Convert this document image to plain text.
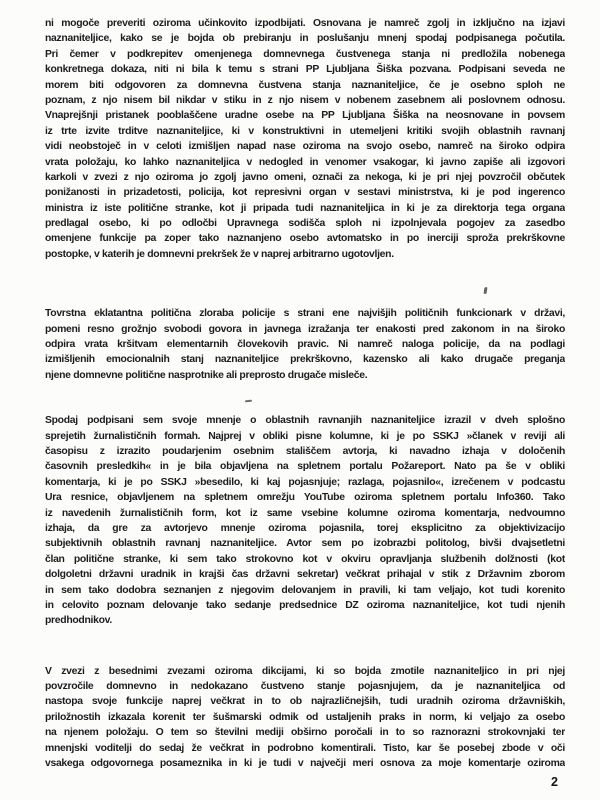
ni mogoče preveriti oziroma učinkovito izpodbijati. Osnovana je namreč zgolj in izključno na izjavi
naznaniteljice, kako se je bojda ob prebiranju in poslušanju mnenj spodaj podpisanega počutila.
Pri čemer v podkrepitev omenjenega domnevnega čustvenega stanja ni predložila nobenega
konkretnega dokaza, niti ni bila k temu s strani PP Ljubljana Šiška pozvana. Podpisani seveda ne
morem biti odgovoren za domnevna čustvena stanja naznaniteljice, če je osebno sploh ne
poznam, z njo nisem bil nikdar v stiku in z njo nisem v nobenem zasebnem ali poslovnem odnosu.
Vnaprejšnji pristanek pooblaščene uradne osebe na PP Ljubljana Šiška na neosnovane in povsem
iz trte izvite trditve naznaniteljice, ki v konstruktivni in utemeljeni kritiki svojih oblastnih ravnanj
vidi neobstoječ in v celoti izmišljen napad nase oziroma na svojo osebo, namreč na široko odpira
vrata položaju, ko lahko naznaniteljica v nedogled in venomer vsakogar, ki javno zapiše ali izgovori
karkoli v zvezi z njo oziroma jo zgolj javno omeni, označi za nekoga, ki je pri njej povzročil občutek
ponižanosti in prizadetosti, policija, kot represivni organ v sestavi ministrstva, ki je pod ingerenco
ministra iz iste politične stranke, kot ji pripada tudi naznaniteljica in ki je za direktorja tega organa
predlagal osebo, ki po odločbi Upravnega sodišča sploh ni izpolnjevala pogojev za zasedbo
omenjene funkcije pa zoper tako naznanjeno osebo avtomatsko in po inerciji sproža prekrškovne
postopke, v katerih je domnevni prekršek že v naprej arbitrarno ugotovljen.
Tovrstna eklatantna politična zloraba policije s strani ene najvišjih političnih funkcionark v državi,
pomeni resno grožnjo svobodi govora in javnega izražanja ter enakosti pred zakonom in na široko
odpira vrata kršitvam elementarnih človekovih pravic. Ni namreč naloga policije, da na podlagi
izmišljenih emocionalnih stanj naznaniteljice prekrškovno, kazensko ali kako drugače preganja
njene domnevne politične nasprotnike ali preprosto drugače misleče.
Spodaj podpisani sem svoje mnenje o oblastnih ravnanjih naznaniteljice izrazil v dveh splošno
sprejetih žurnalističnih formah. Najprej v obliki pisne kolumne, ki je po SSKJ »članek v reviji ali
časopisu z izrazito poudarjenim osebnim stališčem avtorja, ki navadno izhaja v določenih
časovnih presledkih« in je bila objavljena na spletnem portalu Požareport. Nato pa še v obliki
komentarja, ki je po SSKJ »besedilo, ki kaj pojasnjuje; razlaga, pojasnilo«, izrečenem v podcastu
Ura resnice, objavljenem na spletnem omrežju YouTube oziroma spletnem portalu Info360. Tako
iz navedenih žurnalističnih form, kot iz same vsebine kolumne oziroma komentarja, nedvoumno
izhaja, da gre za avtorjevo mnenje oziroma pojasnila, torej eksplicitno za objektivizacijo
subjektivnih oblastnih ravnanj naznaniteljice. Avtor sem po izobrazbi politolog, bivši dvajsetletni
član politične stranke, ki sem tako strokovno kot v okviru opravljanja službenih dolžnosti (kot
dolgoletni državni uradnik in krajši čas državni sekretar) večkrat prihajal v stik z Državnim zborom
in sem tako dodobra seznanjen z njegovim delovanjem in pravili, ki tam veljajo, kot tudi korenito
in celovito poznam delovanje tako sedanje predsednice DZ oziroma naznaniteljice, kot tudi njenih
predhodnikov.
V zvezi z besednimi zvezami oziroma dikcijami, ki so bojda zmotile naznaniteljico in pri njej
povzročile domnevno in nedokazano čustveno stanje pojasnjujem, da je naznaniteljica od
nastopa svoje funkcije naprej večkrat in to ob najrazličnejših, tudi uradnih oziroma državniških,
priložnostih izkazala korenit ter šušmarski odmik od ustaljenih praks in norm, ki veljajo za osebo
na njenem položaju. O tem so številni mediji obširno poročali in to so raznorazni strokovnjaki ter
mnenjski voditelji do sedaj že večkrat in podrobno komentirali. Tisto, kar še posebej zbode v oči
vsakega odgovornega posameznika in ki je tudi v največji meri osnova za moje komentarje oziroma
2
